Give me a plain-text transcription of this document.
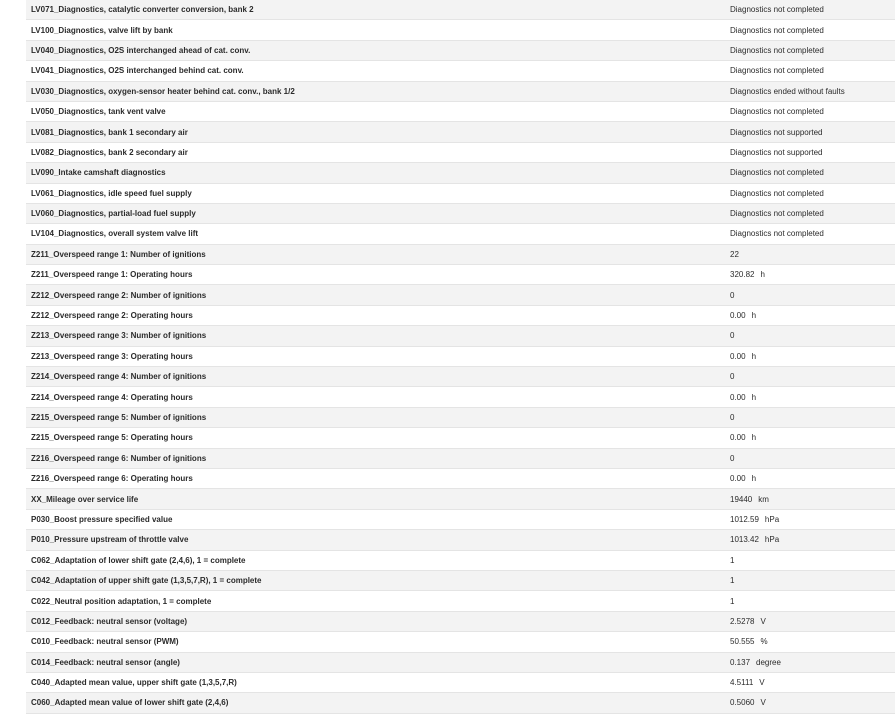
LV071_Diagnostics, catalytic converter conversion, bank 2	Diagnostics not completed
LV100_Diagnostics, valve lift by bank	Diagnostics not completed
LV040_Diagnostics, O2S interchanged ahead of cat. conv.	Diagnostics not completed
LV041_Diagnostics, O2S interchanged behind cat. conv.	Diagnostics not completed
LV030_Diagnostics, oxygen-sensor heater behind cat. conv., bank 1/2	Diagnostics ended without faults
LV050_Diagnostics, tank vent valve	Diagnostics not completed
LV081_Diagnostics, bank 1 secondary air	Diagnostics not supported
LV082_Diagnostics, bank 2 secondary air	Diagnostics not supported
LV090_Intake camshaft diagnostics	Diagnostics not completed
LV061_Diagnostics, idle speed fuel supply	Diagnostics not completed
LV060_Diagnostics, partial-load fuel supply	Diagnostics not completed
LV104_Diagnostics, overall system valve lift	Diagnostics not completed
Z211_Overspeed range 1: Number of ignitions	22
Z211_Overspeed range 1: Operating hours	320.82 h
Z212_Overspeed range 2: Number of ignitions	0
Z212_Overspeed range 2: Operating hours	0.00 h
Z213_Overspeed range 3: Number of ignitions	0
Z213_Overspeed range 3: Operating hours	0.00 h
Z214_Overspeed range 4: Number of ignitions	0
Z214_Overspeed range 4: Operating hours	0.00 h
Z215_Overspeed range 5: Number of ignitions	0
Z215_Overspeed range 5: Operating hours	0.00 h
Z216_Overspeed range 6: Number of ignitions	0
Z216_Overspeed range 6: Operating hours	0.00 h
XX_Mileage over service life	19440 km
P030_Boost pressure specified value	1012.59 hPa
P010_Pressure upstream of throttle valve	1013.42 hPa
C062_Adaptation of lower shift gate (2,4,6), 1 = complete	1
C042_Adaptation of upper shift gate (1,3,5,7,R), 1 = complete	1
C022_Neutral position adaptation, 1 = complete	1
C012_Feedback: neutral sensor (voltage)	2.5278 V
C010_Feedback: neutral sensor (PWM)	50.555 %
C014_Feedback: neutral sensor (angle)	0.137 degree
C040_Adapted mean value, upper shift gate (1,3,5,7,R)	4.5111 V
C060_Adapted mean value of lower shift gate (2,4,6)	0.5060 V
